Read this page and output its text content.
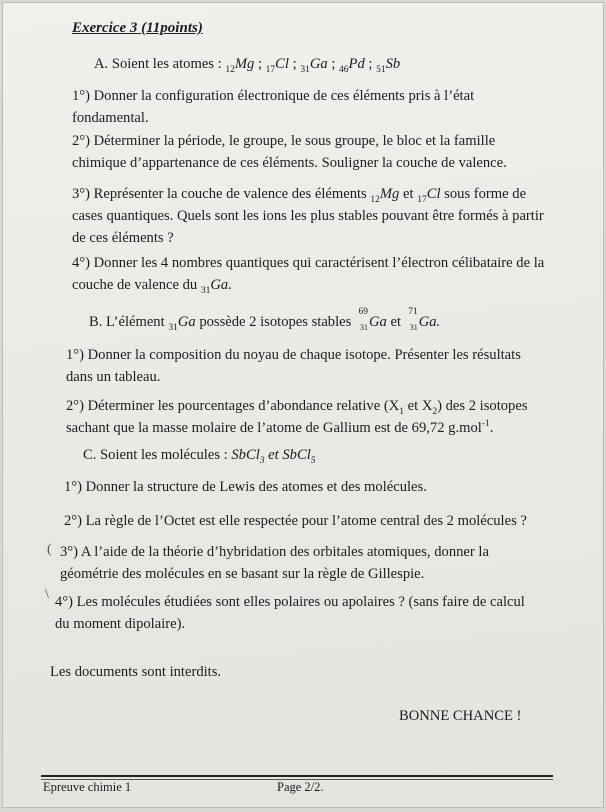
Exercice 3 (11points)
A. Soient les atomes : $_{12}$Mg ; $_{17}$Cl ; $_{31}$Ga ; $_{46}$Pd ; $_{51}$Sb
1°) Donner la configuration électronique de ces éléments pris à l’état
fondamental.
2°) Déterminer la période, le groupe, le sous groupe, le bloc et la famille
chimique d’appartenance de ces éléments. Souligner la couche de valence.
3°) Représenter la couche de valence des éléments $_{12}$Mg et $_{17}$Cl sous forme de
cases quantiques. Quels sont les ions les plus stables pouvant être formés à partir
de ces éléments ?
4°) Donner les 4 nombres quantiques qui caractérisent l’électron célibataire de la
couche de valence du $_{31}$Ga.
B. L’élément $_{31}$Ga possède 2 isotopes stables
69
31 Ga et
71
31 Ga.
1°) Donner la composition du noyau de chaque isotope. Présenter les résultats
dans un tableau.
2°) Déterminer les pourcentages d’abondance relative ($X_1$ et $X_2$) des 2 isotopes
sachant que la masse molaire de l’atome de Gallium est de 69,72 g.mol$^{-1}$.
C. Soient les molécules : SbCl$_3$ et SbCl$_5$
1°) Donner la structure de Lewis des atomes et des molécules.
2°) La règle de l’Octet est elle respectée pour l’atome central des 2 molécules ?
( 3°) A l’aide de la théorie d’hybridation des orbitales atomiques, donner la
géométrie des molécules en se basant sur la règle de Gillespie.
\ 4°) Les molécules étudiées sont elles polaires ou apolaires ? (sans faire de calcul
du moment dipolaire).
Les documents sont interdits.
BONNE CHANCE !
Epreuve chimie 1	Page 2/2.
